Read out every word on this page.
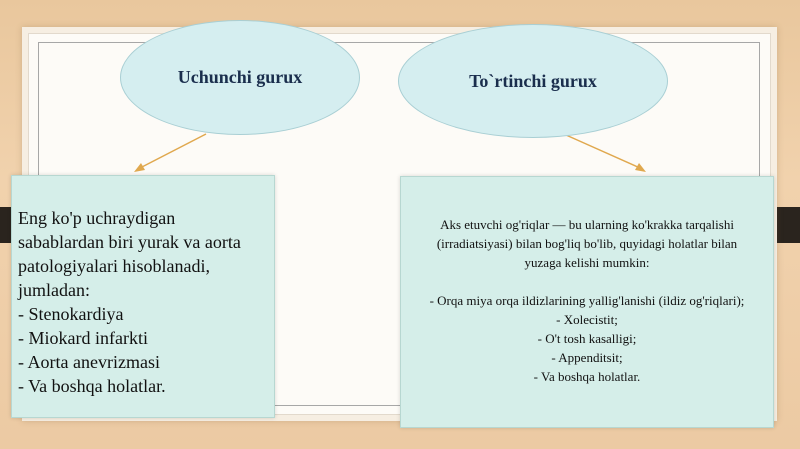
Uchunchi gurux	To`rtinchi gurux
Eng ko'p uchraydigan
sabablardan biri yurak va aorta
patologiyalari hisoblanadi,
jumladan:
- Stenokardiya
- Miokard infarkti
- Aorta anevrizmasi
- Va boshqa holatlar.
Aks etuvchi og'riqlar — bu ularning ko'krakka tarqalishi (irradiatsiyasi) bilan bog'liq bo'lib, quyidagi holatlar bilan yuzaga kelishi mumkin:
- Orqa miya orqa ildizlarining yallig'lanishi (ildiz og'riqlari);
- Xolecistit;
- O't tosh kasalligi;
- Appenditsit;
- Va boshqa holatlar.
